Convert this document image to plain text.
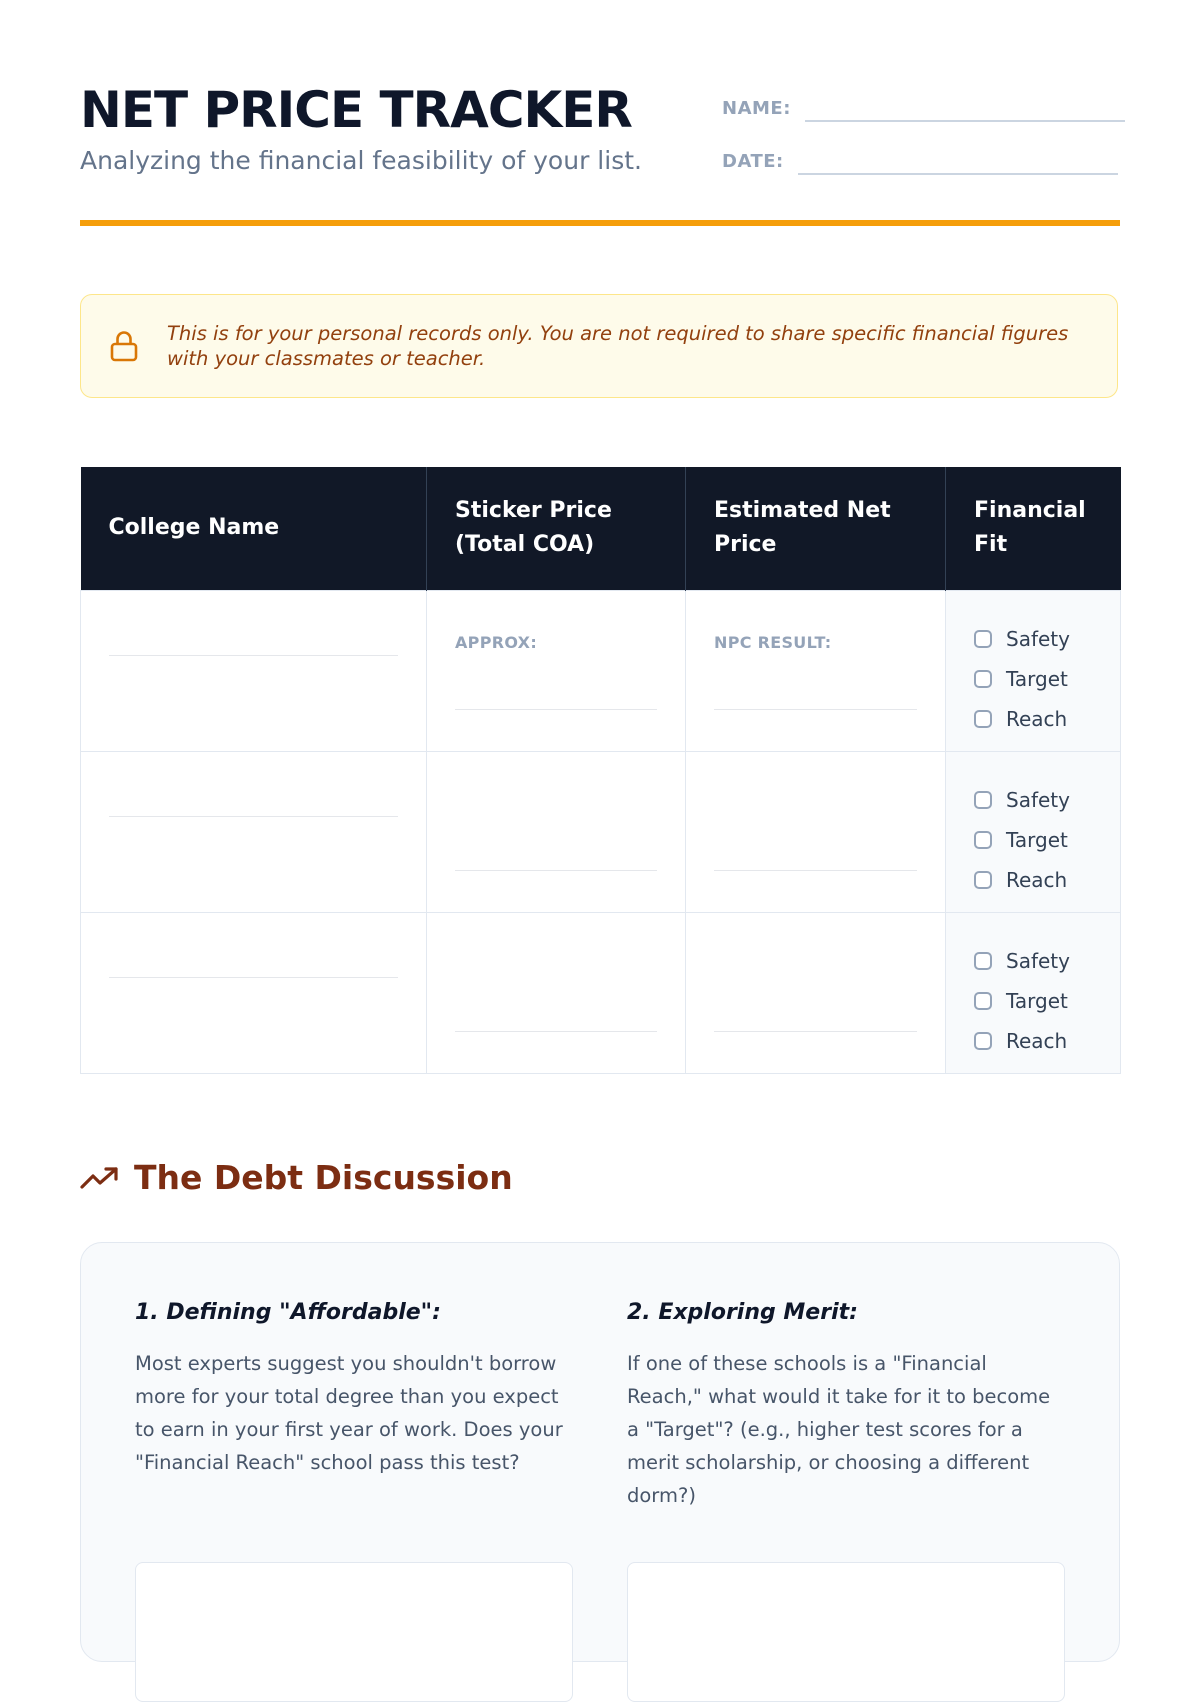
NET PRICE TRACKER
Analyzing the financial feasibility of your list.
NAME:
DATE:
This is for your personal records only. You are not required to share specific financial figures with your classmates or teacher.
College Name	Sticker Price (Total COA)	Estimated Net Price	Financial Fit

	APPROX:	NPC RESULT:	Safety
Target
Reach

			Safety
Target
Reach

			Safety
Target
Reach
The Debt Discussion
1. Defining "Affordable":
Most experts suggest you shouldn't borrow more for your total degree than you expect to earn in your first year of work. Does your "Financial Reach" school pass this test?
2. Exploring Merit:
If one of these schools is a "Financial Reach," what would it take for it to become a "Target"? (e.g., higher test scores for a merit scholarship, or choosing a different dorm?)
